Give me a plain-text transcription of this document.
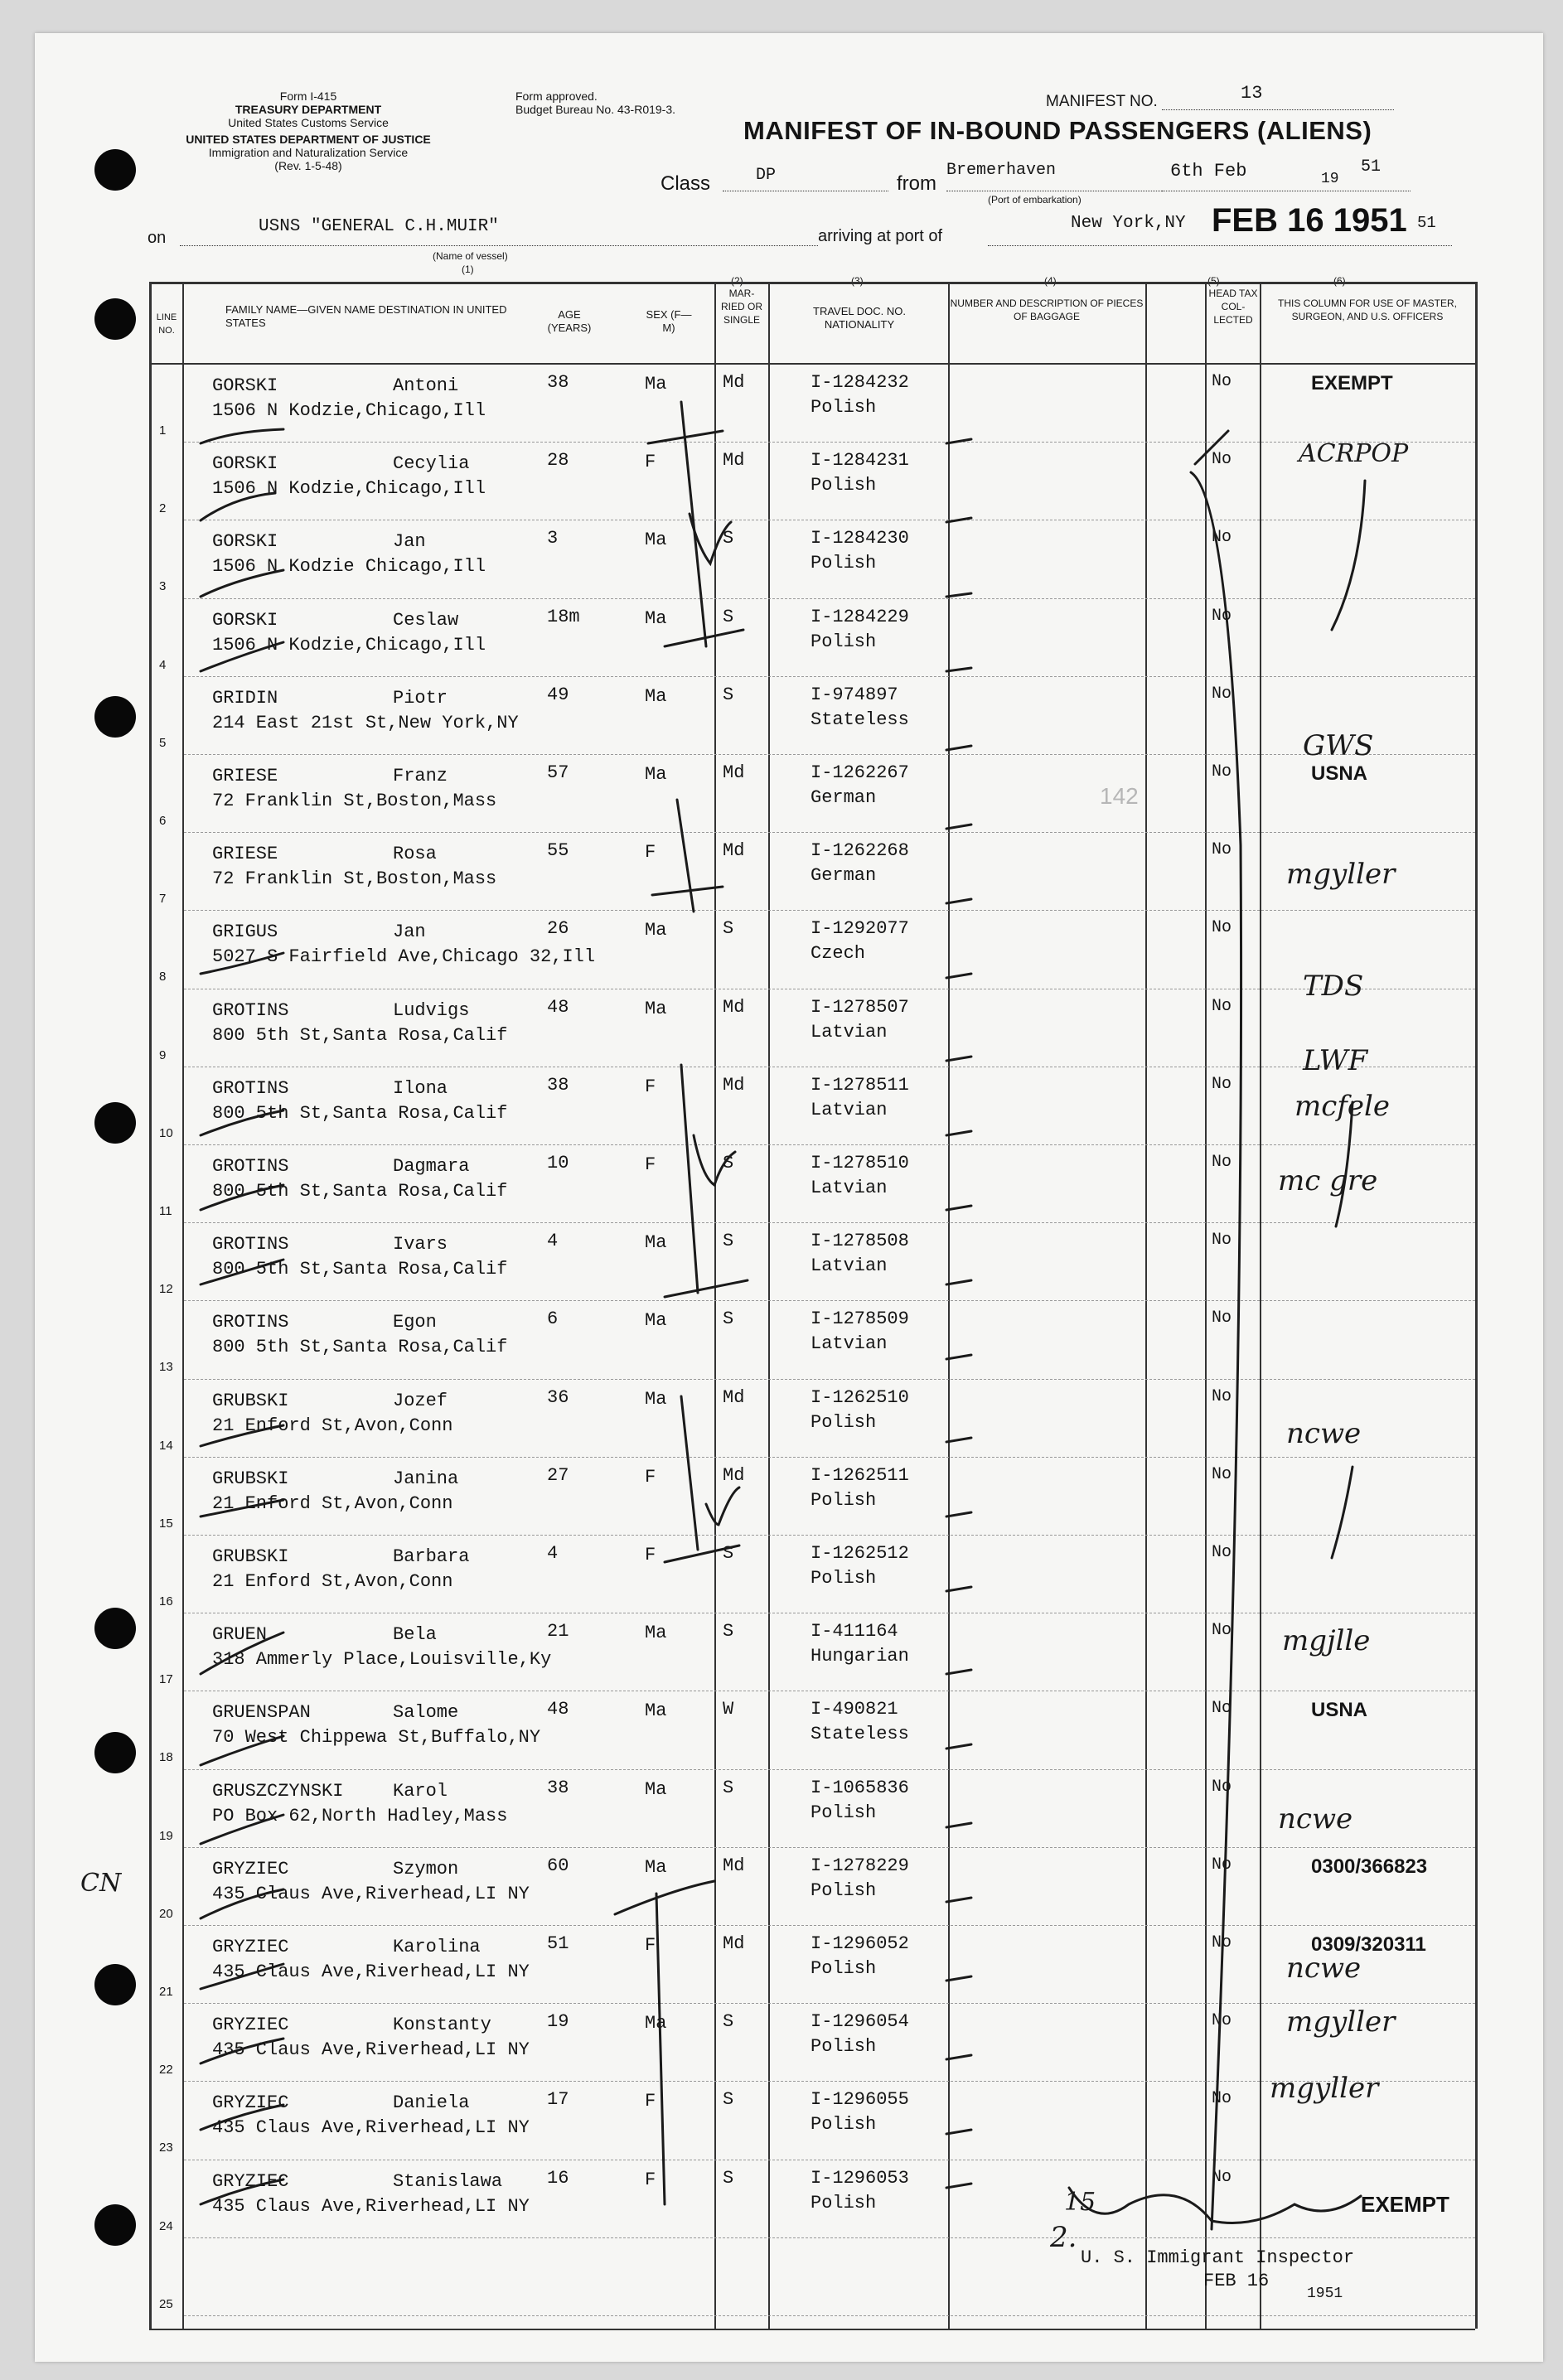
Form I-415
TREASURY DEPARTMENT
United States Customs Service
UNITED STATES DEPARTMENT OF JUSTICE
Immigration and Naturalization Service
(Rev. 1-5-48)
Form approved.
Budget Bureau No. 43-R019-3.	MANIFEST NO.	13
MANIFEST OF IN-BOUND PASSENGERS (ALIENS)
Class	DP	from
Bremerhaven
(Port of embarkation)
6th Feb	19
51
on
USNS "GENERAL C.H.MUIR"
(Name of vessel)
(1)
arriving at port of
New York,NY FEB 16 1951 51
(2)	(3)	(4)	(5)	(6)
LINE NO.
FAMILY NAME—GIVEN NAME DESTINATION IN UNITED STATES
AGE (YEARS)
SEX (F—M)
MAR- RIED OR SINGLE
TRAVEL DOC. NO. NATIONALITY
NUMBER AND DESCRIPTION OF PIECES OF BAGGAGE
HEAD TAX COL- LECTED
THIS COLUMN FOR USE OF MASTER, SURGEON, AND U.S. OFFICERS
1
GORSKI	Antoni
1506 N Kodzie,Chicago,Ill
38	Ma	Md	I-1284232
Polish
No	EXEMPT
2
GORSKI	Cecylia
1506 N Kodzie,Chicago,Ill
28	F	Md	I-1284231
Polish
No
3
GORSKI	Jan
1506 N Kodzie Chicago,Ill
3	Ma	S	I-1284230
Polish
No
4
GORSKI	Ceslaw
1506 N Kodzie,Chicago,Ill
18m	Ma	S	I-1284229
Polish
No
5
GRIDIN	Piotr
214 East 21st St,New York,NY
49	Ma	S	I-974897
Stateless
No
6
GRIESE	Franz
72 Franklin St,Boston,Mass
57	Ma	Md	I-1262267
German
No	USNA
7
GRIESE	Rosa
72 Franklin St,Boston,Mass
55	F	Md	I-1262268
German
No
8
GRIGUS	Jan
5027 S Fairfield Ave,Chicago 32,Ill
26	Ma	S	I-1292077
Czech
No
9
GROTINS	Ludvigs
800 5th St,Santa Rosa,Calif
48	Ma	Md	I-1278507
Latvian
No
10
GROTINS	Ilona
800 5th St,Santa Rosa,Calif
38	F	Md	I-1278511
Latvian
No
11
GROTINS	Dagmara
800 5th St,Santa Rosa,Calif
10	F	S	I-1278510
Latvian
No
12
GROTINS	Ivars
800 5th St,Santa Rosa,Calif
4	Ma	S	I-1278508
Latvian
No
13
GROTINS	Egon
800 5th St,Santa Rosa,Calif
6	Ma	S	I-1278509
Latvian
No
14
GRUBSKI	Jozef
21 Enford St,Avon,Conn
36	Ma	Md	I-1262510
Polish
No
15
GRUBSKI	Janina
21 Enford St,Avon,Conn
27	F	Md	I-1262511
Polish
No
16
GRUBSKI	Barbara
21 Enford St,Avon,Conn
4	F	S	I-1262512
Polish
No
17
GRUEN	Bela
318 Ammerly Place,Louisville,Ky
21	Ma	S	I-411164
Hungarian
No
18
GRUENSPAN	Salome
70 West Chippewa St,Buffalo,NY
48	Ma	W	I-490821
Stateless
No	USNA
19
GRUSZCZYNSKI	Karol
PO Box 62,North Hadley,Mass
38	Ma	S	I-1065836
Polish
No
20
GRYZIEC	Szymon
435 Claus Ave,Riverhead,LI NY
60	Ma	Md	I-1278229
Polish
No	0300/366823
21
GRYZIEC	Karolina
435 Claus Ave,Riverhead,LI NY
51	F	Md	I-1296052
Polish
No	0309/320311
22
GRYZIEC	Konstanty
435 Claus Ave,Riverhead,LI NY
19	Ma	S	I-1296054
Polish
No
23
GRYZIEC	Daniela
435 Claus Ave,Riverhead,LI NY
17	F	S	I-1296055
Polish
No
24
GRYZIEC	Stanislawa
435 Claus Ave,Riverhead,LI NY
16	F	S	I-1296053
Polish
No
25
ACRPOP
GWS
142
mgyller
TDS
LWF
mcfele
mc gre
ncwe
mgjlle
ncwe
ncwe
mgyller
mgyller
CN
EXEMPT
15
2.
U. S. Immigrant Inspector
FEB 16
1951
